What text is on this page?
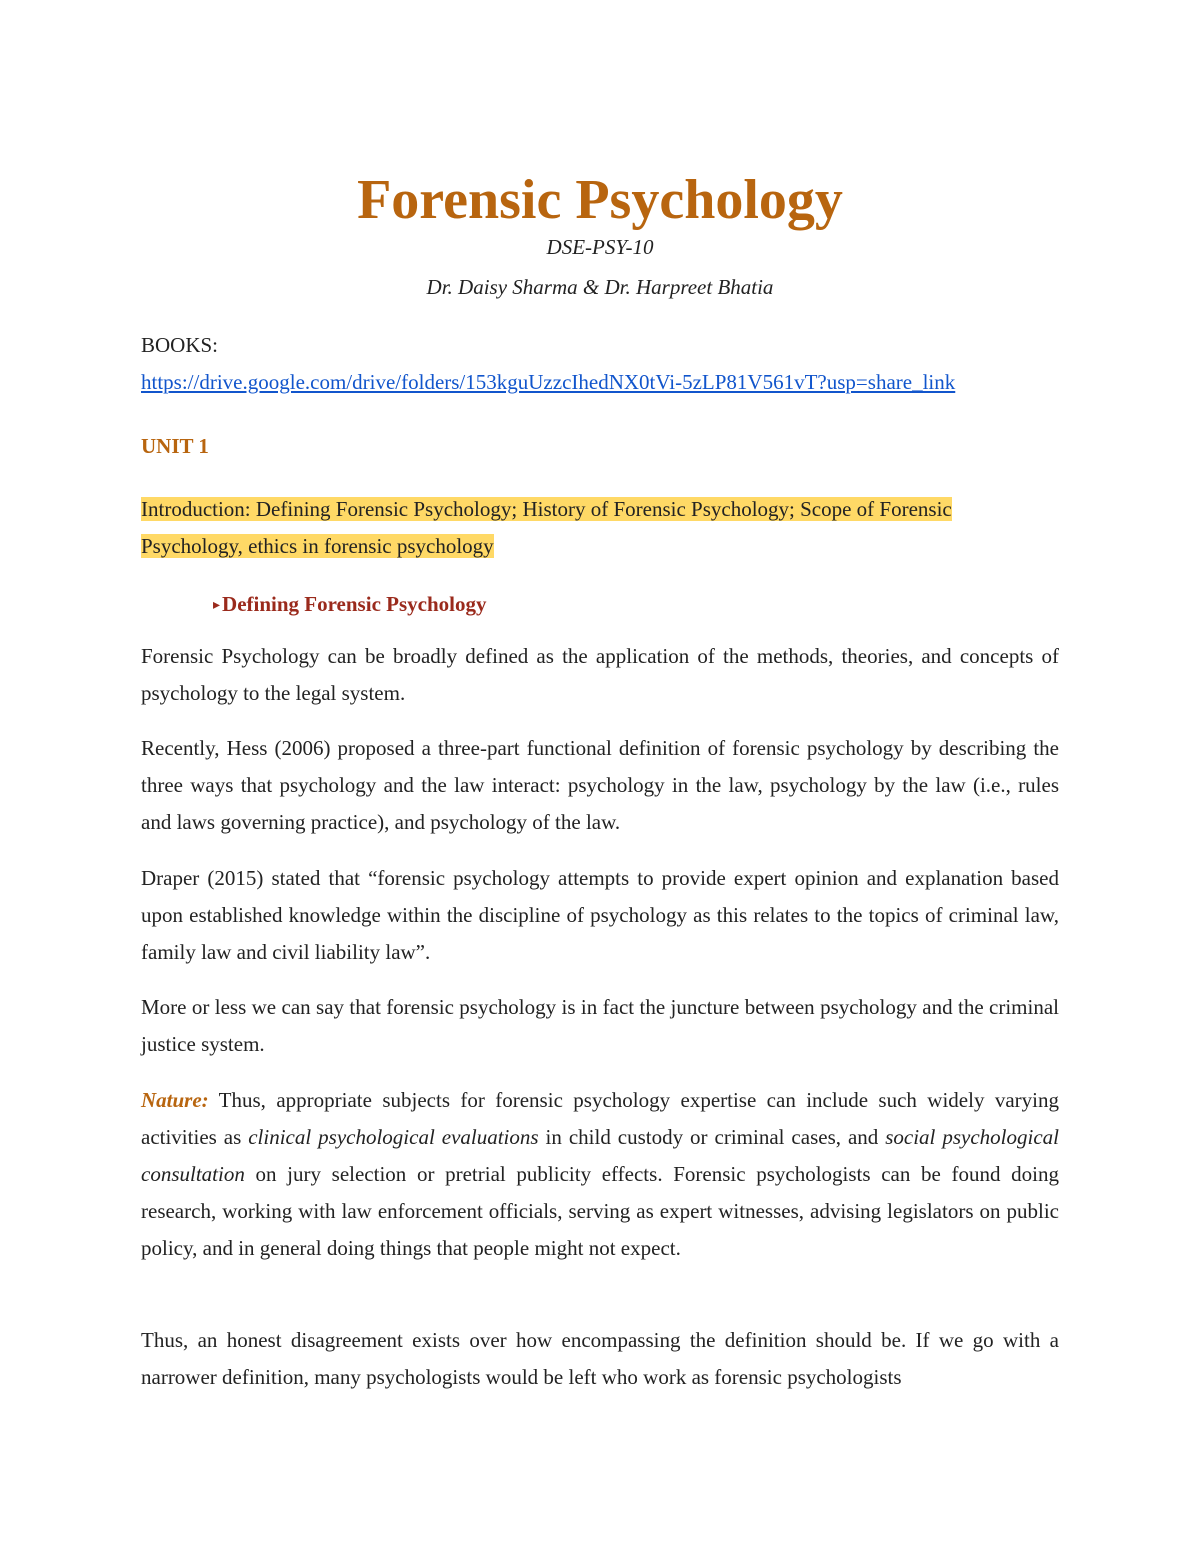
Forensic Psychology
DSE-PSY-10
Dr. Daisy Sharma & Dr. Harpreet Bhatia
BOOKS:
https://drive.google.com/drive/folders/153kguUzzcIhedNX0tVi-5zLP81V561vT?usp=share_link
UNIT 1
Introduction: Defining Forensic Psychology; History of Forensic Psychology; Scope of Forensic
Psychology, ethics in forensic psychology
▸Defining Forensic Psychology

Forensic Psychology can be broadly defined as the application of the methods, theories, and concepts of psychology to the legal system.

Recently, Hess (2006) proposed a three-part functional definition of forensic psychology by describing the three ways that psychology and the law interact: psychology in the law, psychology by the law (i.e., rules and laws governing practice), and psychology of the law.

Draper (2015) stated that “forensic psychology attempts to provide expert opinion and explanation based upon established knowledge within the discipline of psychology as this relates to the topics of criminal law, family law and civil liability law”.

More or less we can say that forensic psychology is in fact the juncture between psychology and the criminal justice system.

Nature: Thus, appropriate subjects for forensic psychology expertise can include such widely varying activities as clinical psychological evaluations in child custody or criminal cases, and social psychological consultation on jury selection or pretrial publicity effects. Forensic psychologists can be found doing research, working with law enforcement officials, serving as expert witnesses, advising legislators on public policy, and in general doing things that people might not expect.

Thus, an honest disagreement exists over how encompassing the definition should be. If we go with a narrower definition, many psychologists would be left who work as forensic psychologists
